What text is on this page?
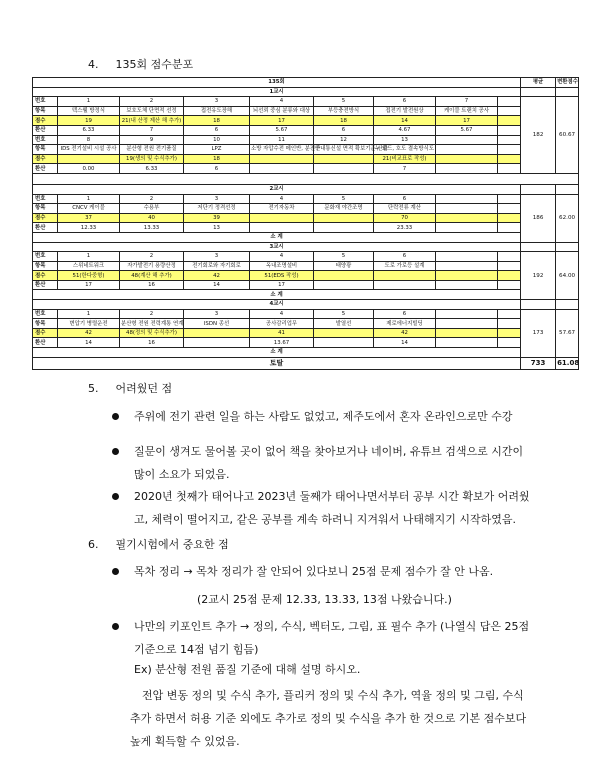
4. 135회 점수분포
135회									평균	변환점수
1교시										
번호	1	2	3	4	5	6	7		182	60.67
항목	텍스웰 방정식	보호도체 단면적 선정	접전유도장해	뇌선뢰 중심 분류와 대상	부등충전방식	접전기 발전원상	케이블 트랜치 공사			
점수	19	21(내 산정 제산 해 추가)	18	17	18	14	17			
환산	6.33	7	6	5.67	6	4.67	5.67			
번호	8	9	10	11	12	13				
항목	IDS 전기설비 시설 공사	분산형 전원 전기품질	LPZ	소방 자압수전 메인반, 분전반	구내통신설 면적 확보기준 산출	누 회드, 호도 결속방식도				
점수		19(생의 및 수식추가)	18			21(비교표로 작성)				
환산	0.00	6.33	6			7				

2교시										
번호	1	2	3	4	5	6			186	62.00
항목	CNCV 케이블	수용부	저단기 정격선정	전기자동차	문화재 야간조명	단락전류 계산				
점수	37	40	39			70				
환산	12.33	13.33	13			23.33				
소 계										
3교시										
번호	1	2	3	4	5	6			192	64.00
항목	스위네트워크	자가발전기 용량산정	전기회로와 자기회로	옥내조명설비	태양광	도로 가로등 설계				
점수	51(한다중형)	48(계산 해 추가)	42	51(EDS 작성)						
환산	17	16	14	17						
소 계										
4교시										
번호	1	2	3	4	5	6			173	57.67
항목	변압기 병렬운전	분산형 전원 전력계통 연계	ISDN 종선	공사감리업무	발열선	제로에너지빌딩				
점수	42	48(정의 및 수식추가)		41		42				
환산	14	16		13.67		14				
소 계										
토탈									733	61.08
5. 어려웠던 점
주위에 전기 관련 일을 하는 사람도 없었고, 제주도에서 혼자 온라인으로만 수강
질문이 생겨도 물어볼 곳이 없어 책을 찾아보거나 네이버, 유튜브 검색으로 시간이 많이 소요가 되었음.
2020년 첫째가 태어나고 2023년 둘째가 태어나면서부터 공부 시간 확보가 어려웠고, 체력이 떨어지고, 같은 공부를 계속 하려니 지겨워서 나태해지기 시작하였음.
6. 필기시험에서 중요한 점
목차 정리 → 목차 정리가 잘 안되어 있다보니 25점 문제 점수가 잘 안 나옴.
(2교시 25점 문제 12.33, 13.33, 13점 나왔습니다.)
나만의 키포인트 추가 → 정의, 수식, 벡터도, 그림, 표 필수 추가 (나열식 답은 25점 기준으로 14점 넘기 힘듬)
Ex) 분산형 전원 품질 기준에 대해 설명 하시오.
전압 변동 정의 및 수식 추가, 플리커 정의 및 수식 추가, 역율 정의 및 그림, 수식 추가 하면서 허용 기준 외에도 추가로 정의 및 수식을 추가 한 것으로 기본 점수보다 높게 획득할 수 있었음.
